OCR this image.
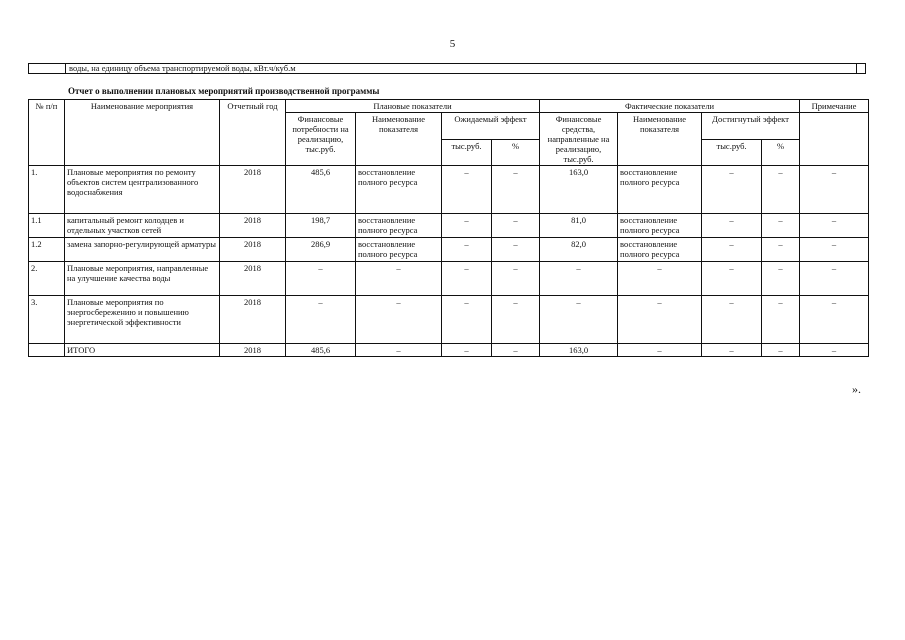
5
воды, на единицу объема транспортируемой воды, кВт.ч/куб.м
Отчет о выполнении плановых мероприятий производственной программы
№ п/п	Наименование мероприятия	Отчетный год	Плановые показатели				Фактические показатели				Примечание
			Финансовые потребности на реализацию, тыс.руб.	Наименование показателя	Ожидаемый эффект		Финансовые средства, направленные на реализацию, тыс.руб.	Наименование показателя	Достигнутый эффект		
					тыс.руб.	%			тыс.руб.	%	
1.	Плановые мероприятия по ремонту объектов систем централизованного водоснабжения	2018	485,6	восстановление полного ресурса	–	–	163,0	восстановление полного ресурса	–	–	–
1.1	капитальный ремонт колодцев и отдельных участков сетей	2018	198,7	восстановление полного ресурса	–	–	81,0	восстановление полного ресурса	–	–	–
1.2	замена запорно-регулирующей арматуры	2018	286,9	восстановление полного ресурса	–	–	82,0	восстановление полного ресурса	–	–	–
2.	Плановые мероприятия, направленные на улучшение качества воды	2018	–	–	–	–	–	–	–	–	–
3.	Плановые мероприятия по энергосбережению и повышению энергетической эффективности	2018	–	–	–	–	–	–	–	–	–
	ИТОГО	2018	485,6	–	–	–	163,0	–	–	–	–
».
